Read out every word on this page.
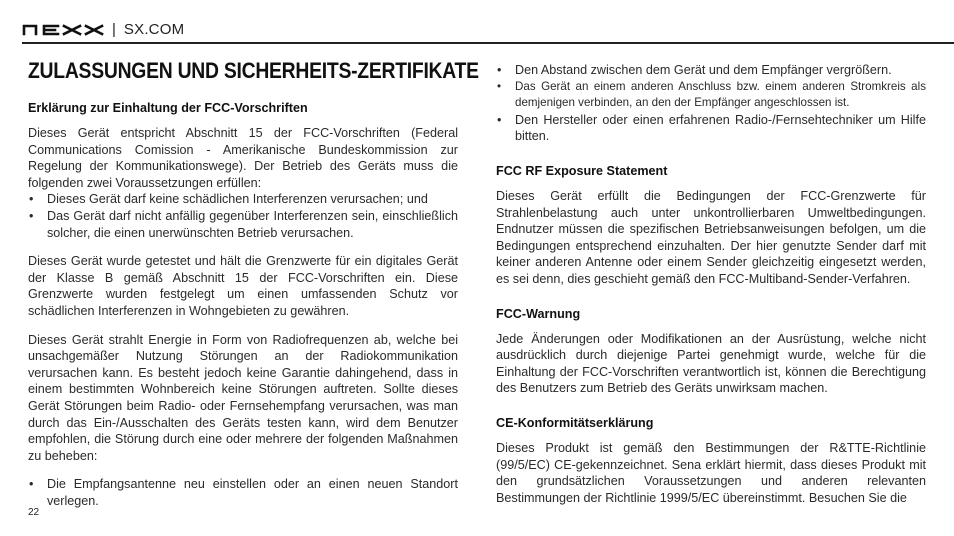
| SX.COM
ZULASSUNGEN UND SICHERHEITS-ZERTIFIKATE
Erklärung zur Einhaltung der FCC-Vorschriften

Dieses Gerät entspricht Abschnitt 15 der FCC-Vorschriften (Federal Communications Comission - Amerikanische Bundeskommission zur Regelung der Kommunikationswege). Der Betrieb des Geräts muss die folgenden zwei Voraussetzungen erfüllen:

• Dieses Gerät darf keine schädlichen Interferenzen verursachen; und
• Das Gerät darf nicht anfällig gegenüber Interferenzen sein, einschließlich solcher, die einen unerwünschten Betrieb verursachen.

Dieses Gerät wurde getestet und hält die Grenzwerte für ein digitales Gerät der Klasse B gemäß Abschnitt 15 der FCC-Vorschriften ein. Diese Grenzwerte wurden festgelegt um einen umfassenden Schutz vor schädlichen Interferenzen in Wohngebieten zu gewähren.

Dieses Gerät strahlt Energie in Form von Radiofrequenzen ab, welche bei unsachgemäßer Nutzung Störungen an der Radiokommunikation verursachen kann. Es besteht jedoch keine Garantie dahingehend, dass in einem bestimmten Wohnbereich keine Störungen auftreten. Sollte dieses Gerät Störungen beim Radio- oder Fernsehempfang verursachen, was man durch das Ein-/Ausschalten des Geräts testen kann, wird dem Benutzer empfohlen, die Störung durch eine oder mehrere der folgenden Maßnahmen zu beheben:

• Die Empfangsantenne neu einstellen oder an einen neuen Standort verlegen.
• Den Abstand zwischen dem Gerät und dem Empfänger vergrößern.
• Das Gerät an einem anderen Anschluss bzw. einem anderen Stromkreis als demjenigen verbinden, an den der Empfänger angeschlossen ist.
• Den Hersteller oder einen erfahrenen Radio-/Fernsehtechniker um Hilfe bitten.
FCC RF Exposure Statement

Dieses Gerät erfüllt die Bedingungen der FCC-Grenzwerte für Strahlenbelastung auch unter unkontrollierbaren Umweltbedingungen. Endnutzer müssen die spezifischen Betriebsanweisungen befolgen, um die Bedingungen entsprechend einzuhalten. Der hier genutzte Sender darf mit keiner anderen Antenne oder einem Sender gleichzeitig eingesetzt werden, es sei denn, dies geschieht gemäß den FCC-Multiband-Sender-Verfahren.

FCC-Warnung

Jede Änderungen oder Modifikationen an der Ausrüstung, welche nicht ausdrücklich durch diejenige Partei genehmigt wurde, welche für die Einhaltung der FCC-Vorschriften verantwortlich ist, können die Berechtigung des Benutzers zum Betrieb des Geräts unwirksam machen.

CE-Konformitätserklärung

Dieses Produkt ist gemäß den Bestimmungen der R&TTE-Richtlinie (99/5/EC) CE-gekennzeichnet. Sena erklärt hiermit, dass dieses Produkt mit den grundsätzlichen Voraussetzungen und anderen relevanten Bestimmungen der Richtlinie 1999/5/EC übereinstimmt. Besuchen Sie die

22
